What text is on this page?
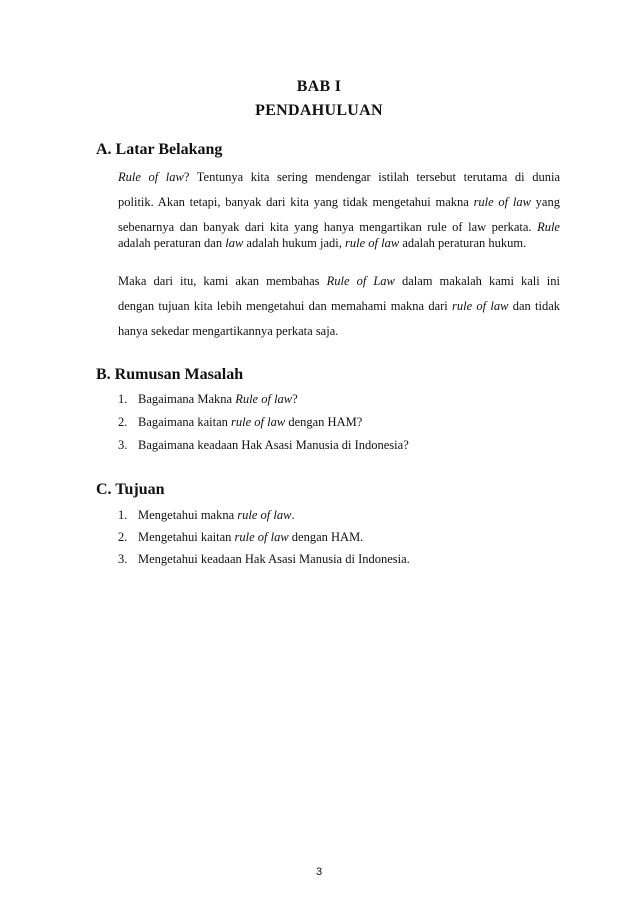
BAB I
PENDAHULUAN
A. Latar Belakang
Rule of law? Tentunya kita sering mendengar istilah tersebut terutama di dunia
politik. Akan tetapi, banyak dari kita yang tidak mengetahui makna rule of law yang
sebenarnya dan banyak dari kita yang hanya mengartikan rule of law perkata. Rule
adalah peraturan dan law adalah hukum jadi, rule of law adalah peraturan hukum.
Maka dari itu, kami akan membahas Rule of Law dalam makalah kami kali ini
dengan tujuan kita lebih mengetahui dan memahami makna dari rule of law dan tidak
hanya sekedar mengartikannya perkata saja.
B. Rumusan Masalah
1. Bagaimana Makna Rule of law?
2. Bagaimana kaitan rule of law dengan HAM?
3. Bagaimana keadaan Hak Asasi Manusia di Indonesia?
C. Tujuan
1. Mengetahui makna rule of law.
2. Mengetahui kaitan rule of law dengan HAM.
3. Mengetahui keadaan Hak Asasi Manusia di Indonesia.
3
